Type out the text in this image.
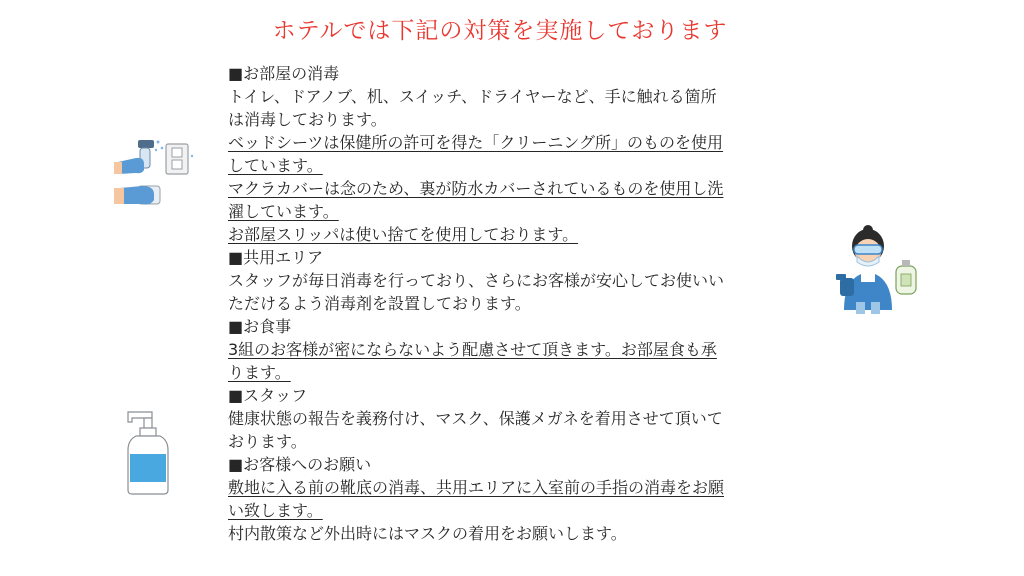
ホテルでは下記の対策を実施しております
■お部屋の消毒
トイレ、ドアノブ、机、スイッチ、ドライヤーなど、手に触れる箇所
は消毒しております。
ベッドシーツは保健所の許可を得た「クリーニング所」のものを使用
しています。
マクラカバーは念のため、裏が防水カバーされているものを使用し洗
濯しています。
お部屋スリッパは使い捨てを使用しております。
■共用エリア
スタッフが毎日消毒を行っており、さらにお客様が安心してお使いい
ただけるよう消毒剤を設置しております。
■お食事
3組のお客様が密にならないよう配慮させて頂きます。お部屋食も承
ります。
■スタッフ
健康状態の報告を義務付け、マスク、保護メガネを着用させて頂いて
おります。
■お客様へのお願い
敷地に入る前の靴底の消毒、共用エリアに入室前の手指の消毒をお願
い致します。
村内散策など外出時にはマスクの着用をお願いします。
